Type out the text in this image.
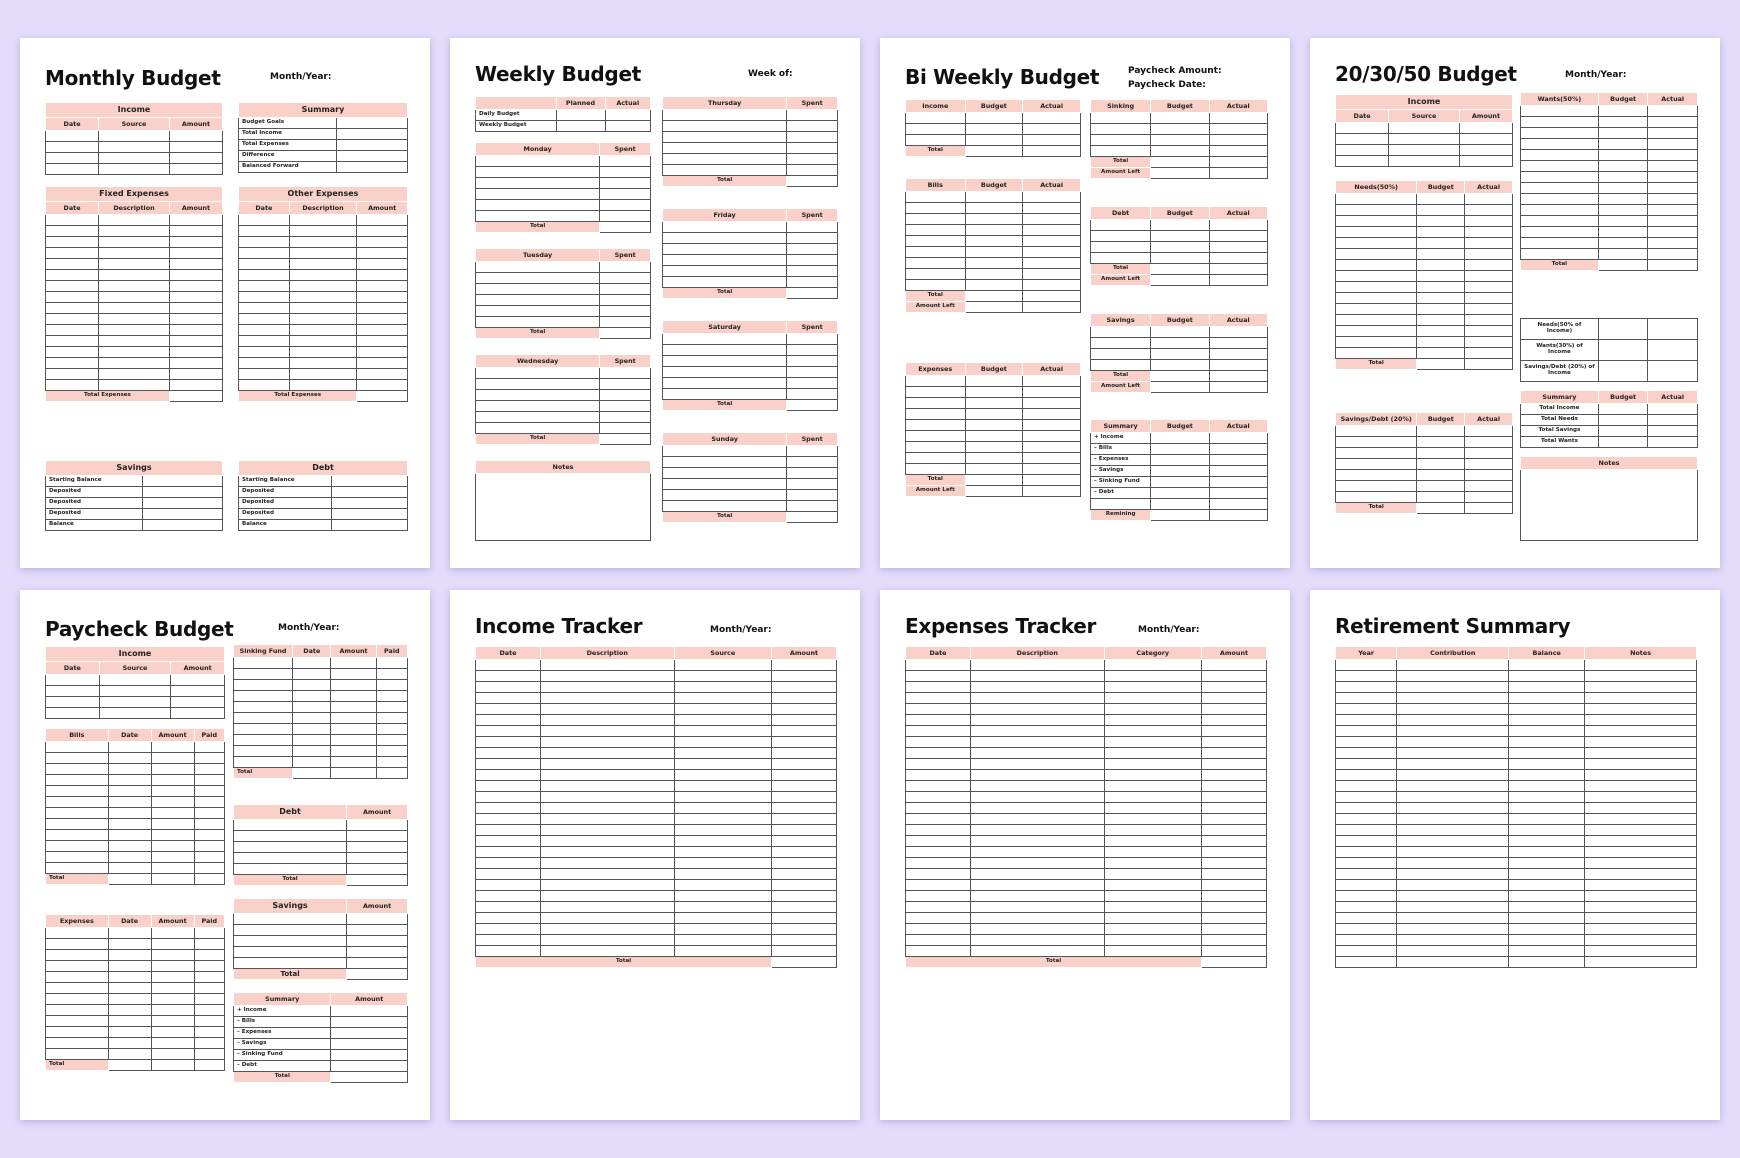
Monthly Budget	Month/Year:
Income		
Date	Source	Amount

Summary	
Budget Goals	
Total Income	
Total Expenses	
Difference	
Balanced Forward	
Fixed Expenses		
Date	Description	Amount

Total Expenses		
Other Expenses		
Date	Description	Amount

Total Expenses		
Savings	
Starting Balance	
Deposited	
Deposited	
Deposited	
Balance	
Debt	
Starting Balance	
Deposited	
Deposited	
Deposited	
Balance	
Weekly Budget	Week of:
	Planned	Actual
Daily Budget		
Weekly Budget		
Monday	Spent

Total	
Tuesday	Spent

Total	
Wednesday	Spent

Total	
Notes

Thursday	Spent

Total	
Friday	Spent

Total	
Saturday	Spent

Total	
Sunday	Spent

Total	
Bi Weekly Budget	Paycheck Amount:
Paycheck Date:
Income	Budget	Actual

Total		
Bills	Budget	Actual

Total		
Amount Left		
Expenses	Budget	Actual

Total		
Amount Left		
Sinking	Budget	Actual

Total		
Amount Left		
Debt	Budget	Actual

Total		
Amount Left		
Savings	Budget	Actual

Total		
Amount Left		
Summary	Budget	Actual
+ Income		
– Bills		
– Expenses		
– Savings		
– Sinking Fund		
– Debt		

Remining		
20/30/50 Budget	Month/Year:
Income		
Date	Source	Amount

Needs(50%)	Budget	Actual

Total		
Savings/Debt (20%)	Budget	Actual

Total		
Wants(50%)	Budget	Actual

Total		
Needs(50% of Income)		
Wants(30%) of Income		
Savings/Debt (20%) of Income		
Summary	Budget	Actual
Total Income		
Total Needs		
Total Savings		
Total Wants		
Notes

Paycheck Budget	Month/Year:
Income		
Date	Source	Amount

Bills	Date	Amount	Paid

Total			
Expenses	Date	Amount	Paid

Total			
Sinking Fund	Date	Amount	Paid

Total			
Debt	Amount

Total	
Savings	Amount

Total	
Summary	Amount
+ Income	
– Bills	
– Expenses	
– Savings	
– Sinking Fund	
– Debt	
Total	
Income Tracker	Month/Year:
Date	Description	Source	Amount

Total			
Expenses Tracker	Month/Year:
Date	Description	Category	Amount

Total			
Retirement Summary
Year	Contribution	Balance	Notes
